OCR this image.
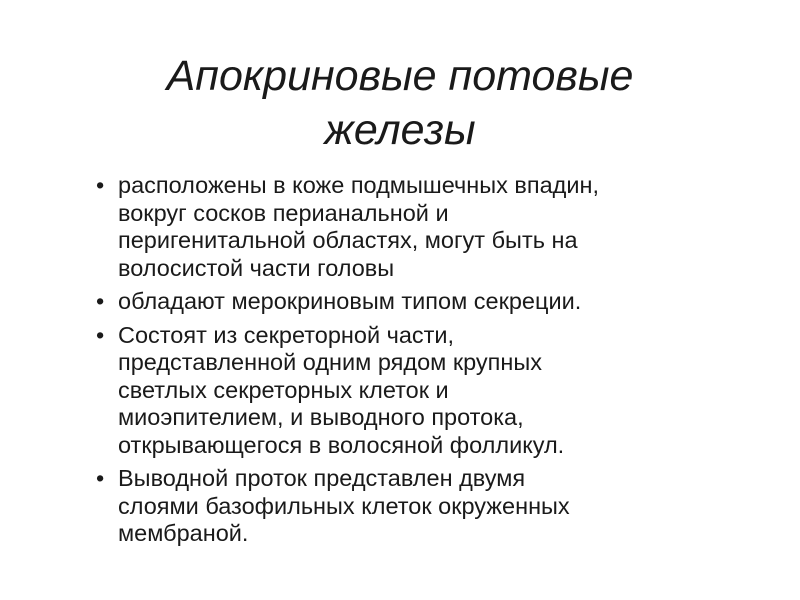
Апокриновые потовые
железы
• расположены в коже подмышечных впадин,
вокруг сосков перианальной и
перигенитальной областях, могут быть на
волосистой части головы
• обладают мерокриновым типом секреции.
• Состоят из секреторной части,
представленной одним рядом крупных
светлых секреторных клеток и
миоэпителием, и выводного протока,
открывающегося в волосяной фолликул.
• Выводной проток представлен двумя
слоями базофильных клеток окруженных
мембраной.
